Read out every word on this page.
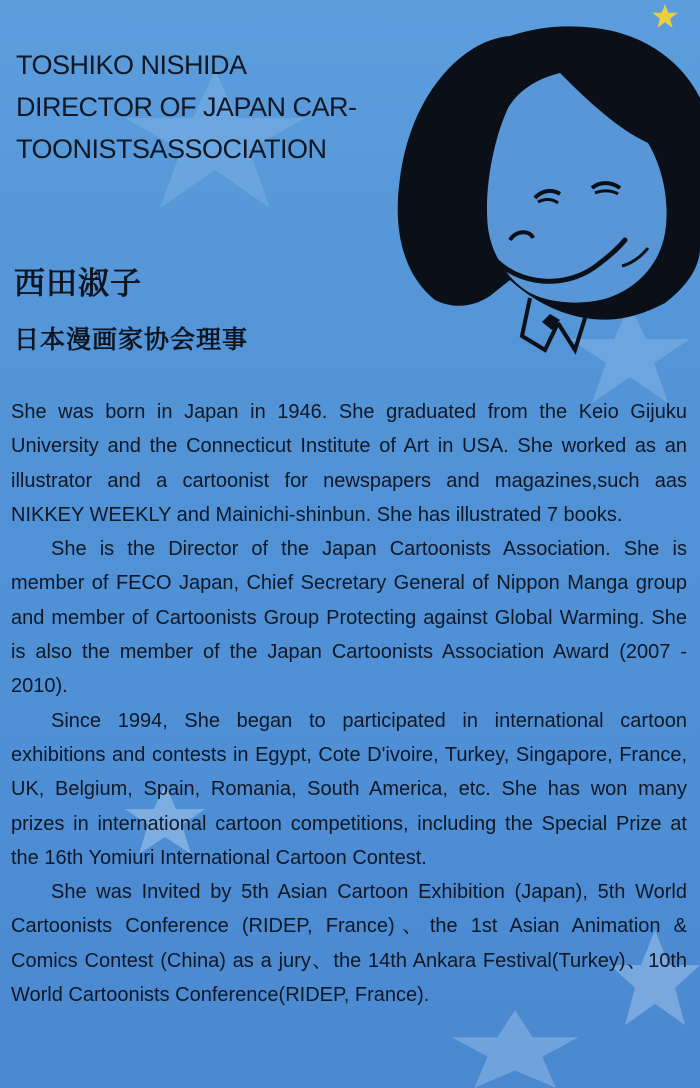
TOSHIKO NISHIDA
DIRECTOR OF JAPAN CAR-
TOONISTSASSOCIATION
西田淑子
日本漫画家协会理事

She was born in Japan in 1946. She graduated from the Keio Gijuku University and the Connecticut Institute of Art in USA. She worked as an illustrator and a cartoonist for newspapers and magazines,such aas NIKKEY WEEKLY and Mainichi-shinbun. She has illustrated 7 books.

She is the Director of the Japan Cartoonists Association. She is member of FECO Japan, Chief Secretary General of Nippon Manga group and member of Cartoonists Group Protecting against Global Warming. She is also the member of the Japan Cartoonists Association Award (2007 - 2010).

Since 1994, She began to participated in international cartoon exhibitions and contests in Egypt, Cote D'ivoire, Turkey, Singapore, France, UK, Belgium, Spain, Romania, South America, etc. She has won many prizes in international cartoon competitions, including the Special Prize at the 16th Yomiuri International Cartoon Contest.

She was Invited by 5th Asian Cartoon Exhibition (Japan), 5th World Cartoonists Conference (RIDEP, France)、the 1st Asian Animation & Comics Contest (China) as a jury、the 14th Ankara Festival(Turkey)、10th World Cartoonists Conference(RIDEP, France).
